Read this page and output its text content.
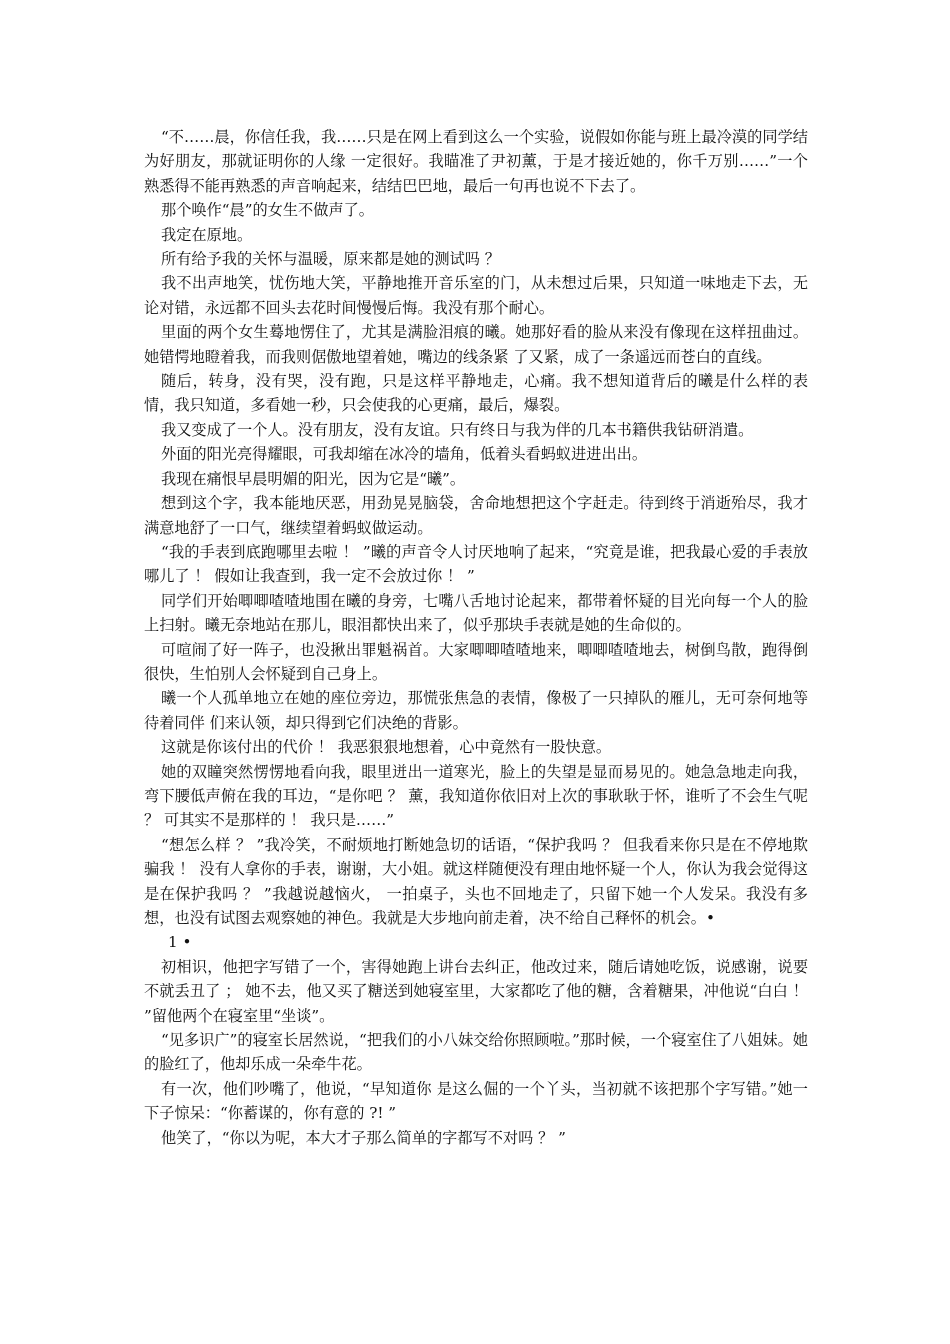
“不……晨，你信任我，我……只是在网上看到这么一个实验，说假如你能与班上最冷漠的同学结为好朋友，那就证明你的人缘 一定很好。我瞄准了尹初薰，于是才接近她的，你千万别……”一个熟悉得不能再熟悉的声音响起来，结结巴巴地，最后一句再也说不下去了。

那个唤作“晨”的女生不做声了。

我定在原地。

所有给予我的关怀与温暖，原来都是她的测试吗 ？

我不出声地笑，忧伤地大笑，平静地推开音乐室的门，从未想过后果，只知道一味地走下去，无论对错，永远都不回头去花时间慢慢后悔。我没有那个耐心。

里面的两个女生蓦地愣住了，尤其是满脸泪痕的曦。她那好看的脸从来没有像现在这样扭曲过。她错愕地瞪着我，而我则倨傲地望着她，嘴边的线条紧 了又紧，成了一条遥远而苍白的直线。

随后，转身，没有哭，没有跑，只是这样平静地走，心痛。我不想知道背后的曦是什么样的表情，我只知道，多看她一秒，只会使我的心更痛，最后，爆裂。

我又变成了一个人。没有朋友，没有友谊。只有终日与我为伴的几本书籍供我钻研消遣。

外面的阳光亮得耀眼，可我却缩在冰冷的墙角，低着头看蚂蚁进进出出。

我现在痛恨早晨明媚的阳光，因为它是“曦”。

想到这个字，我本能地厌恶，用劲晃晃脑袋，舍命地想把这个字赶走。待到终于消逝殆尽，我才满意地舒了一口气，继续望着蚂蚁做运动。

“我的手表到底跑哪里去啦 ！ ”曦的声音令人讨厌地响了起来，“究竟是谁，把我最心爱的手表放哪儿了 ！ 假如让我查到，我一定不会放过你 ！ ”

同学们开始唧唧喳喳地围在曦的身旁，七嘴八舌地讨论起来，都带着怀疑的目光向每一个人的脸上扫射。曦无奈地站在那儿，眼泪都快出来了，似乎那块手表就是她的生命似的。

可喧闹了好一阵子，也没揪出罪魁祸首。大家唧唧喳喳地来，唧唧喳喳地去，树倒鸟散，跑得倒很快，生怕别人会怀疑到自己身上。

曦一个人孤单地立在她的座位旁边，那慌张焦急的表情，像极了一只掉队的雁儿，无可奈何地等待着同伴 们来认领，却只得到它们决绝的背影。

这就是你该付出的代价 ！ 我恶狠狠地想着，心中竟然有一股快意。

她的双瞳突然愣愣地看向我，眼里迸出一道寒光，脸上的失望是显而易见的。她急急地走向我，弯下腰低声俯在我的耳边，“是你吧 ？ 薰，我知道你依旧对上次的事耿耿于怀，谁听了不会生气呢 ？ 可其实不是那样的 ！ 我只是……”

“想怎么样 ？ ”我冷笑，不耐烦地打断她急切的话语，“保护我吗 ？ 但我看来你只是在不停地欺骗我 ！ 没有人拿你的手表，谢谢，大小姐。就这样随便没有理由地怀疑一个人，你认为我会觉得这是在保护我吗 ？ ”我越说越恼火， 一拍桌子，头也不回地走了，只留下她一个人发呆。我没有多想，也没有试图去观察她的神色。我就是大步地向前走着，决不给自己释怀的机会。•

1 •

初相识，他把字写错了一个，害得她跑上讲台去纠正，他改过来，随后请她吃饭，说感谢，说要不就丢丑了 ； 她不去，他又买了糖送到她寝室里，大家都吃了他的糖，含着糖果，冲他说“白白 ！ ”留他两个在寝室里“坐谈”。

“见多识广”的寝室长居然说，“把我们的小八妹交给你照顾啦。”那时候，一个寝室住了八姐妹。她的脸红了，他却乐成一朵牵牛花。

有一次，他们吵嘴了，他说，“早知道你 是这么倔的一个丫头，当初就不该把那个字写错。”她一下子惊呆：“你蓄谋的，你有意的 ?! ”

他笑了，“你以为呢，本大才子那么简单的字都写不对吗 ？ ”
